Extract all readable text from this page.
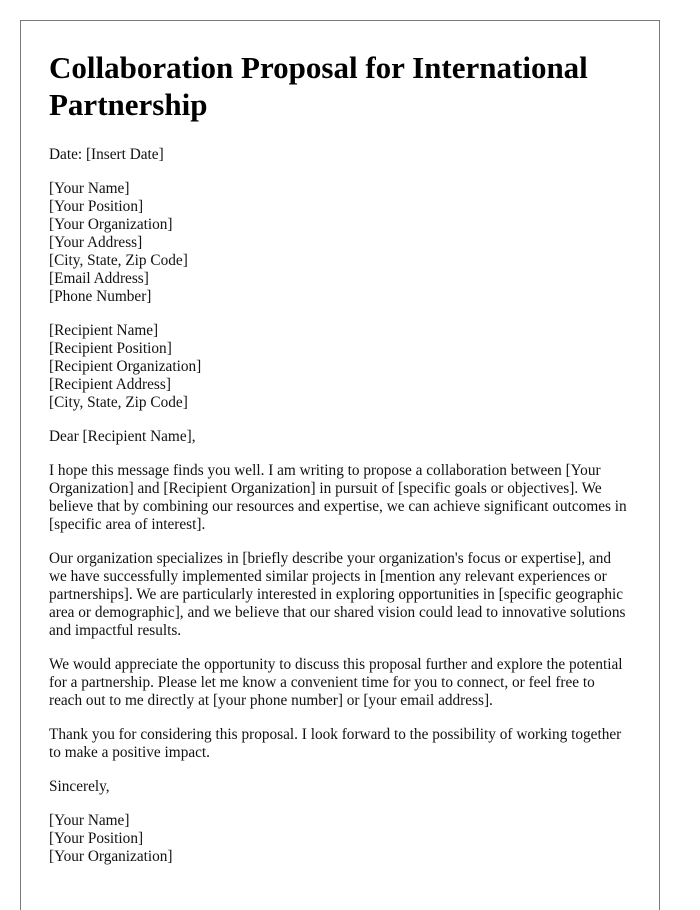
Collaboration Proposal for International Partnership

Date: [Insert Date]

[Your Name]
[Your Position]
[Your Organization]
[Your Address]
[City, State, Zip Code]
[Email Address]
[Phone Number]
[Recipient Name]
[Recipient Position]
[Recipient Organization]
[Recipient Address]
[City, State, Zip Code]

Dear [Recipient Name],

I hope this message finds you well. I am writing to propose a collaboration between [Your Organization] and [Recipient Organization] in pursuit of [specific goals or objectives]. We believe that by combining our resources and expertise, we can achieve significant outcomes in [specific area of interest].

Our organization specializes in [briefly describe your organization's focus or expertise], and we have successfully implemented similar projects in [mention any relevant experiences or partnerships]. We are particularly interested in exploring opportunities in [specific geographic area or demographic], and we believe that our shared vision could lead to innovative solutions and impactful results.

We would appreciate the opportunity to discuss this proposal further and explore the potential for a partnership. Please let me know a convenient time for you to connect, or feel free to reach out to me directly at [your phone number] or [your email address].

Thank you for considering this proposal. I look forward to the possibility of working together to make a positive impact.

Sincerely,

[Your Name]
[Your Position]
[Your Organization]
